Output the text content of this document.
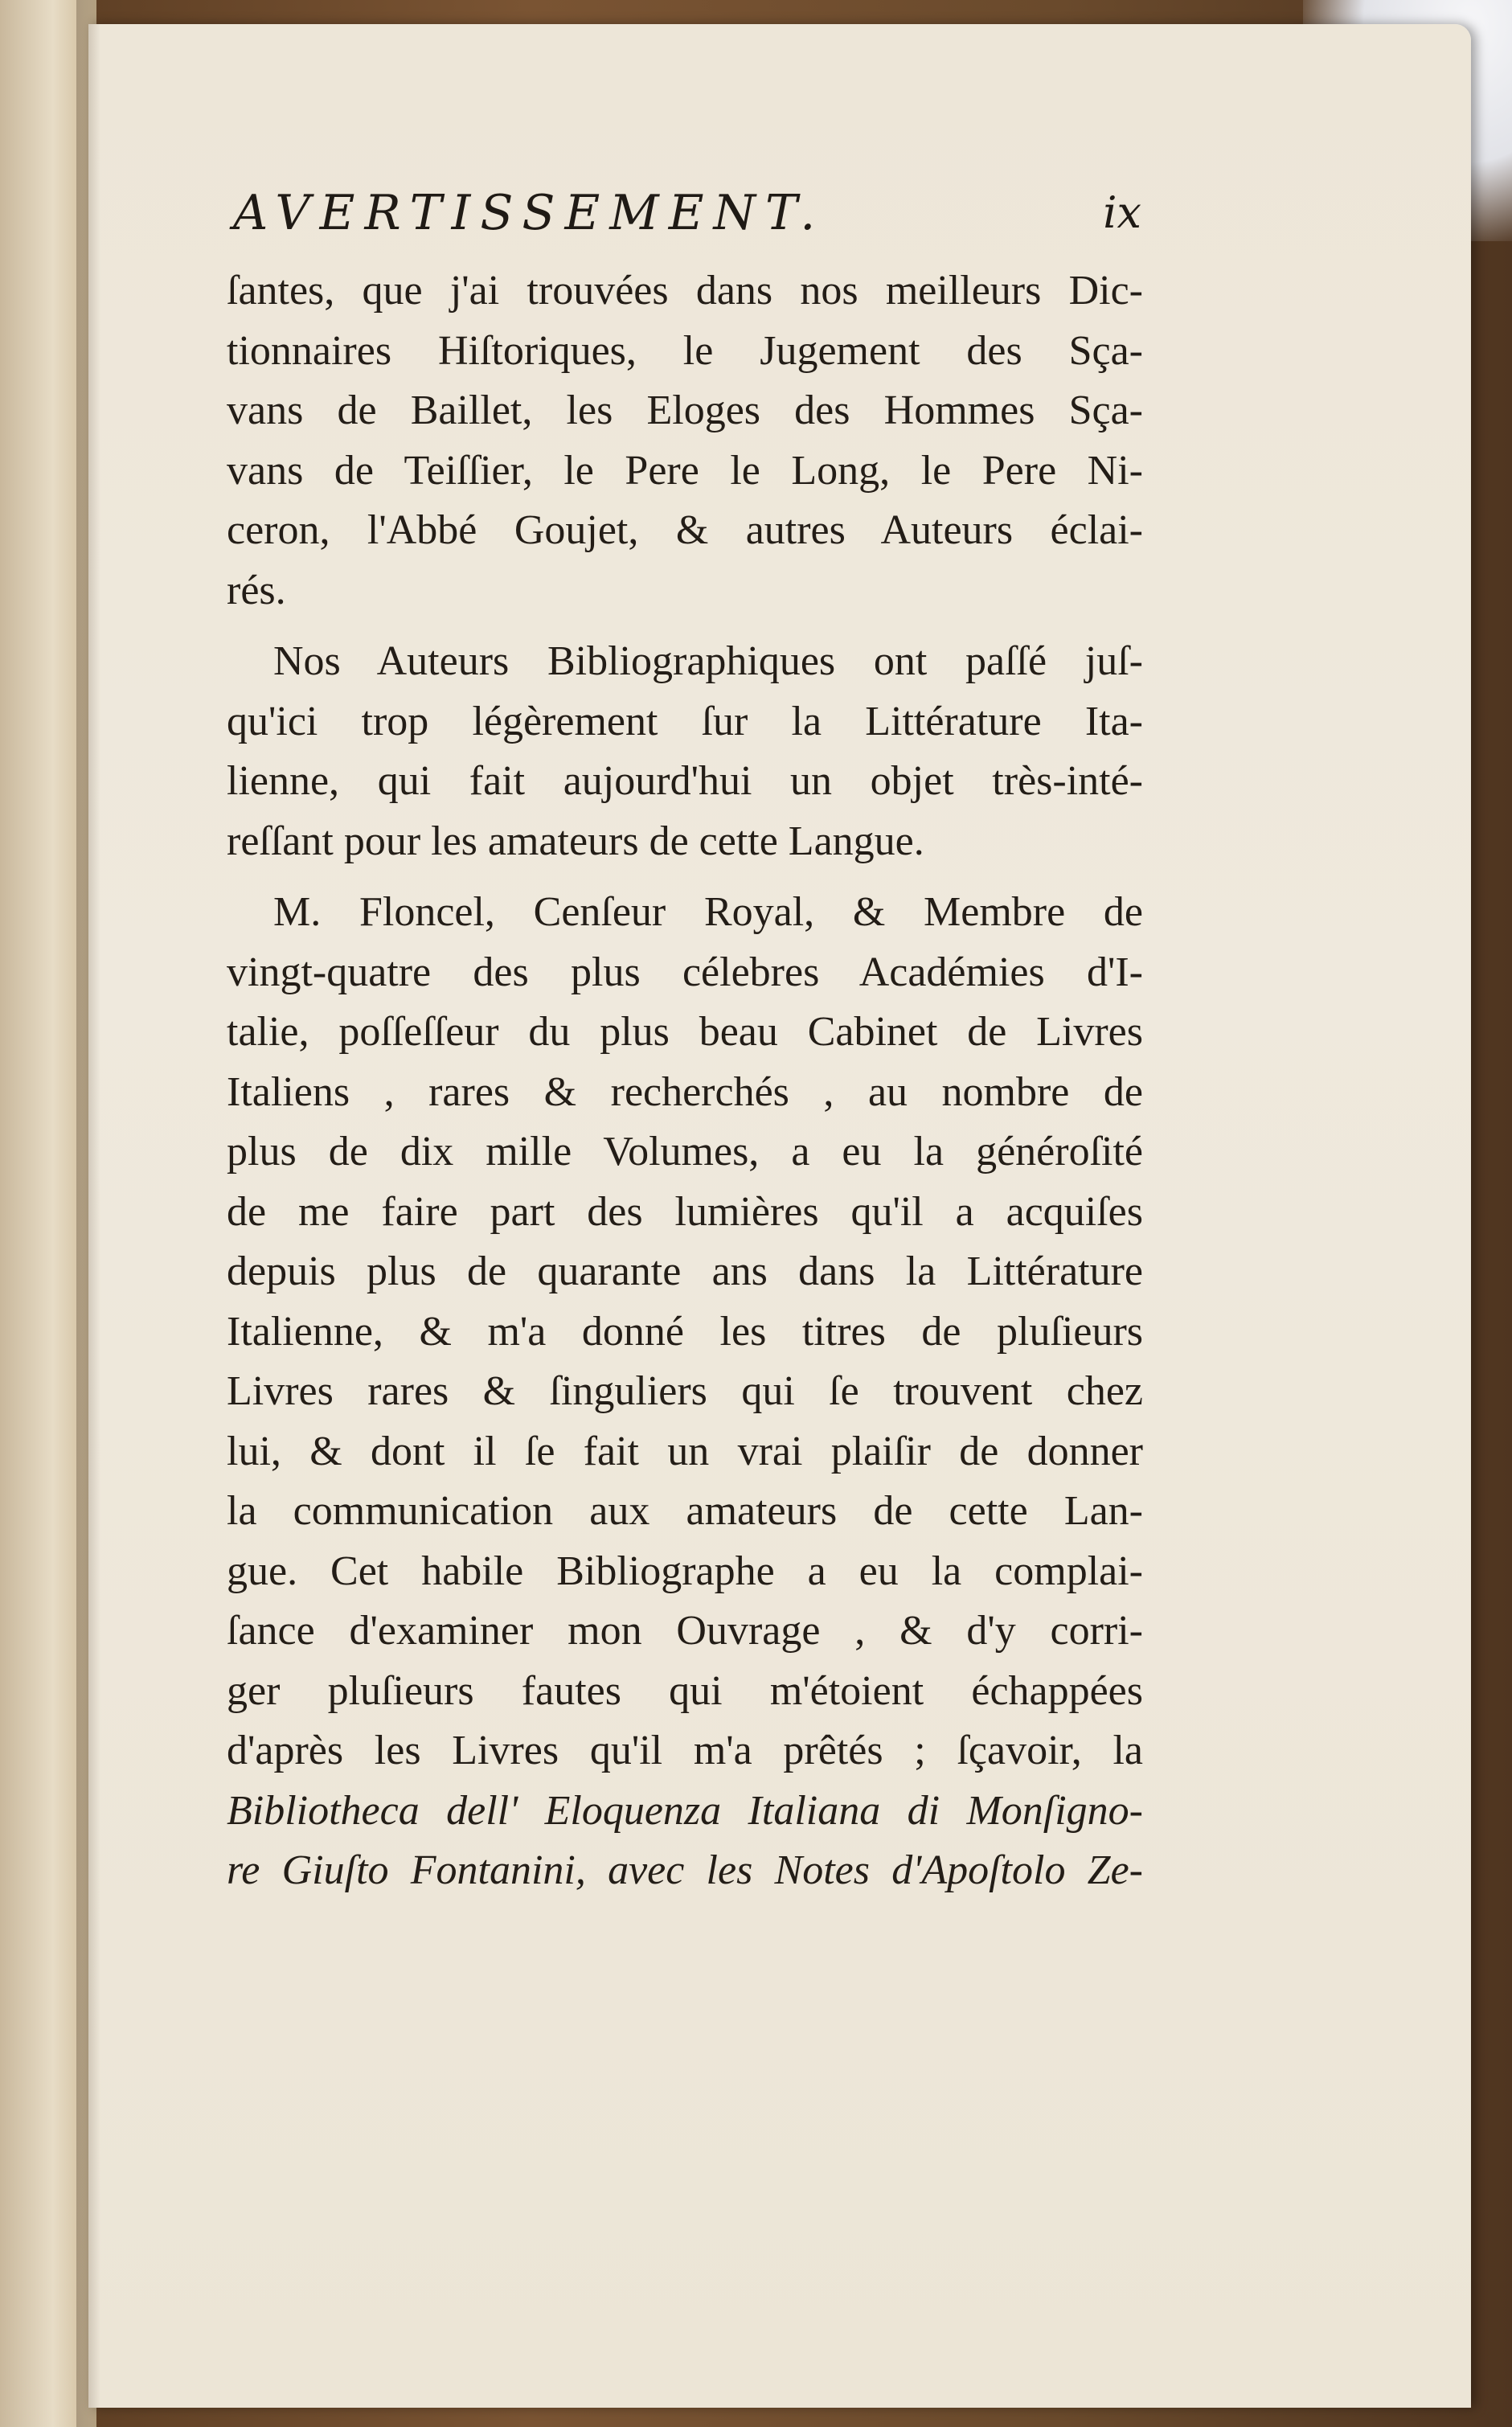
AVERTISSEMENT.	ix
ſantes, que j'ai trouvées dans nos meilleurs Dic-
tionnaires Hiſtoriques, le Jugement des Sça-
vans de Baillet, les Eloges des Hommes Sça-
vans de Teiſſier, le Pere le Long, le Pere Ni-
ceron, l'Abbé Goujet, & autres Auteurs éclai-
rés.
Nos Auteurs Bibliographiques ont paſſé juſ-
qu'ici trop légèrement ſur la Littérature Ita-
lienne, qui fait aujourd'hui un objet très-inté-
reſſant pour les amateurs de cette Langue.
M. Floncel, Cenſeur Royal, & Membre de
vingt-quatre des plus célebres Académies d'I-
talie, poſſeſſeur du plus beau Cabinet de Livres
Italiens , rares & recherchés , au nombre de
plus de dix mille Volumes, a eu la généroſité
de me faire part des lumières qu'il a acquiſes
depuis plus de quarante ans dans la Littérature
Italienne, & m'a donné les titres de pluſieurs
Livres rares & ſinguliers qui ſe trouvent chez
lui, & dont il ſe fait un vrai plaiſir de donner
la communication aux amateurs de cette Lan-
gue. Cet habile Bibliographe a eu la complai-
ſance d'examiner mon Ouvrage , & d'y corri-
ger pluſieurs fautes qui m'étoient échappées
d'après les Livres qu'il m'a prêtés ; ſçavoir, la
Bibliotheca dell' Eloquenza Italiana di Monſigno-
re Giuſto Fontanini, avec les Notes d'Apoſtolo Ze-
